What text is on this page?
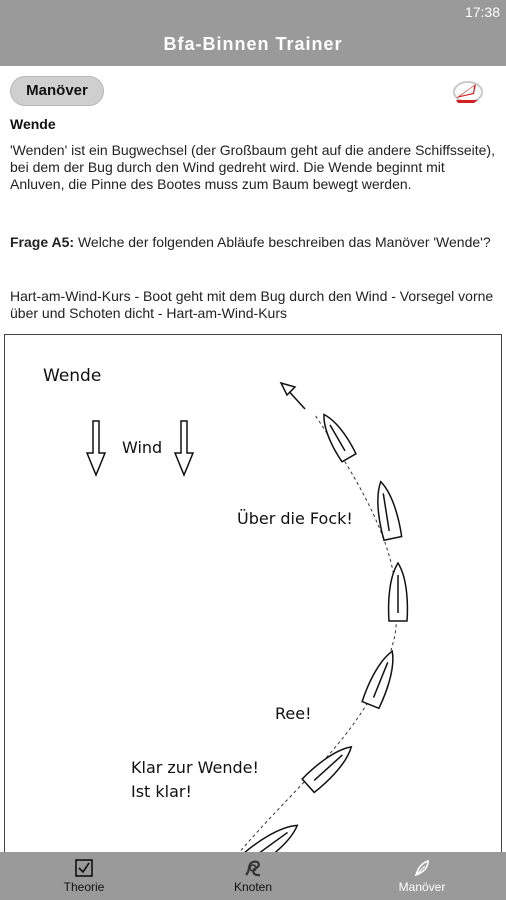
17:38
Bfa-Binnen Trainer
Manöver
Wende
'Wenden' ist ein Bugwechsel (der Großbaum geht auf die andere Schiffsseite), bei dem der Bug durch den Wind gedreht wird. Die Wende beginnt mit Anluven, die Pinne des Bootes muss zum Baum bewegt werden.
Frage A5: Welche der folgenden Abläufe beschreiben das Manöver 'Wende'?
Hart-am-Wind-Kurs - Boot geht mit dem Bug durch den Wind - Vorsegel vorne über und Schoten dicht - Hart-am-Wind-Kurs
Wende
Wind
Über die Fock!
Ree!
Klar zur Wende!
Ist klar!
Theorie	Knoten	Manöver
